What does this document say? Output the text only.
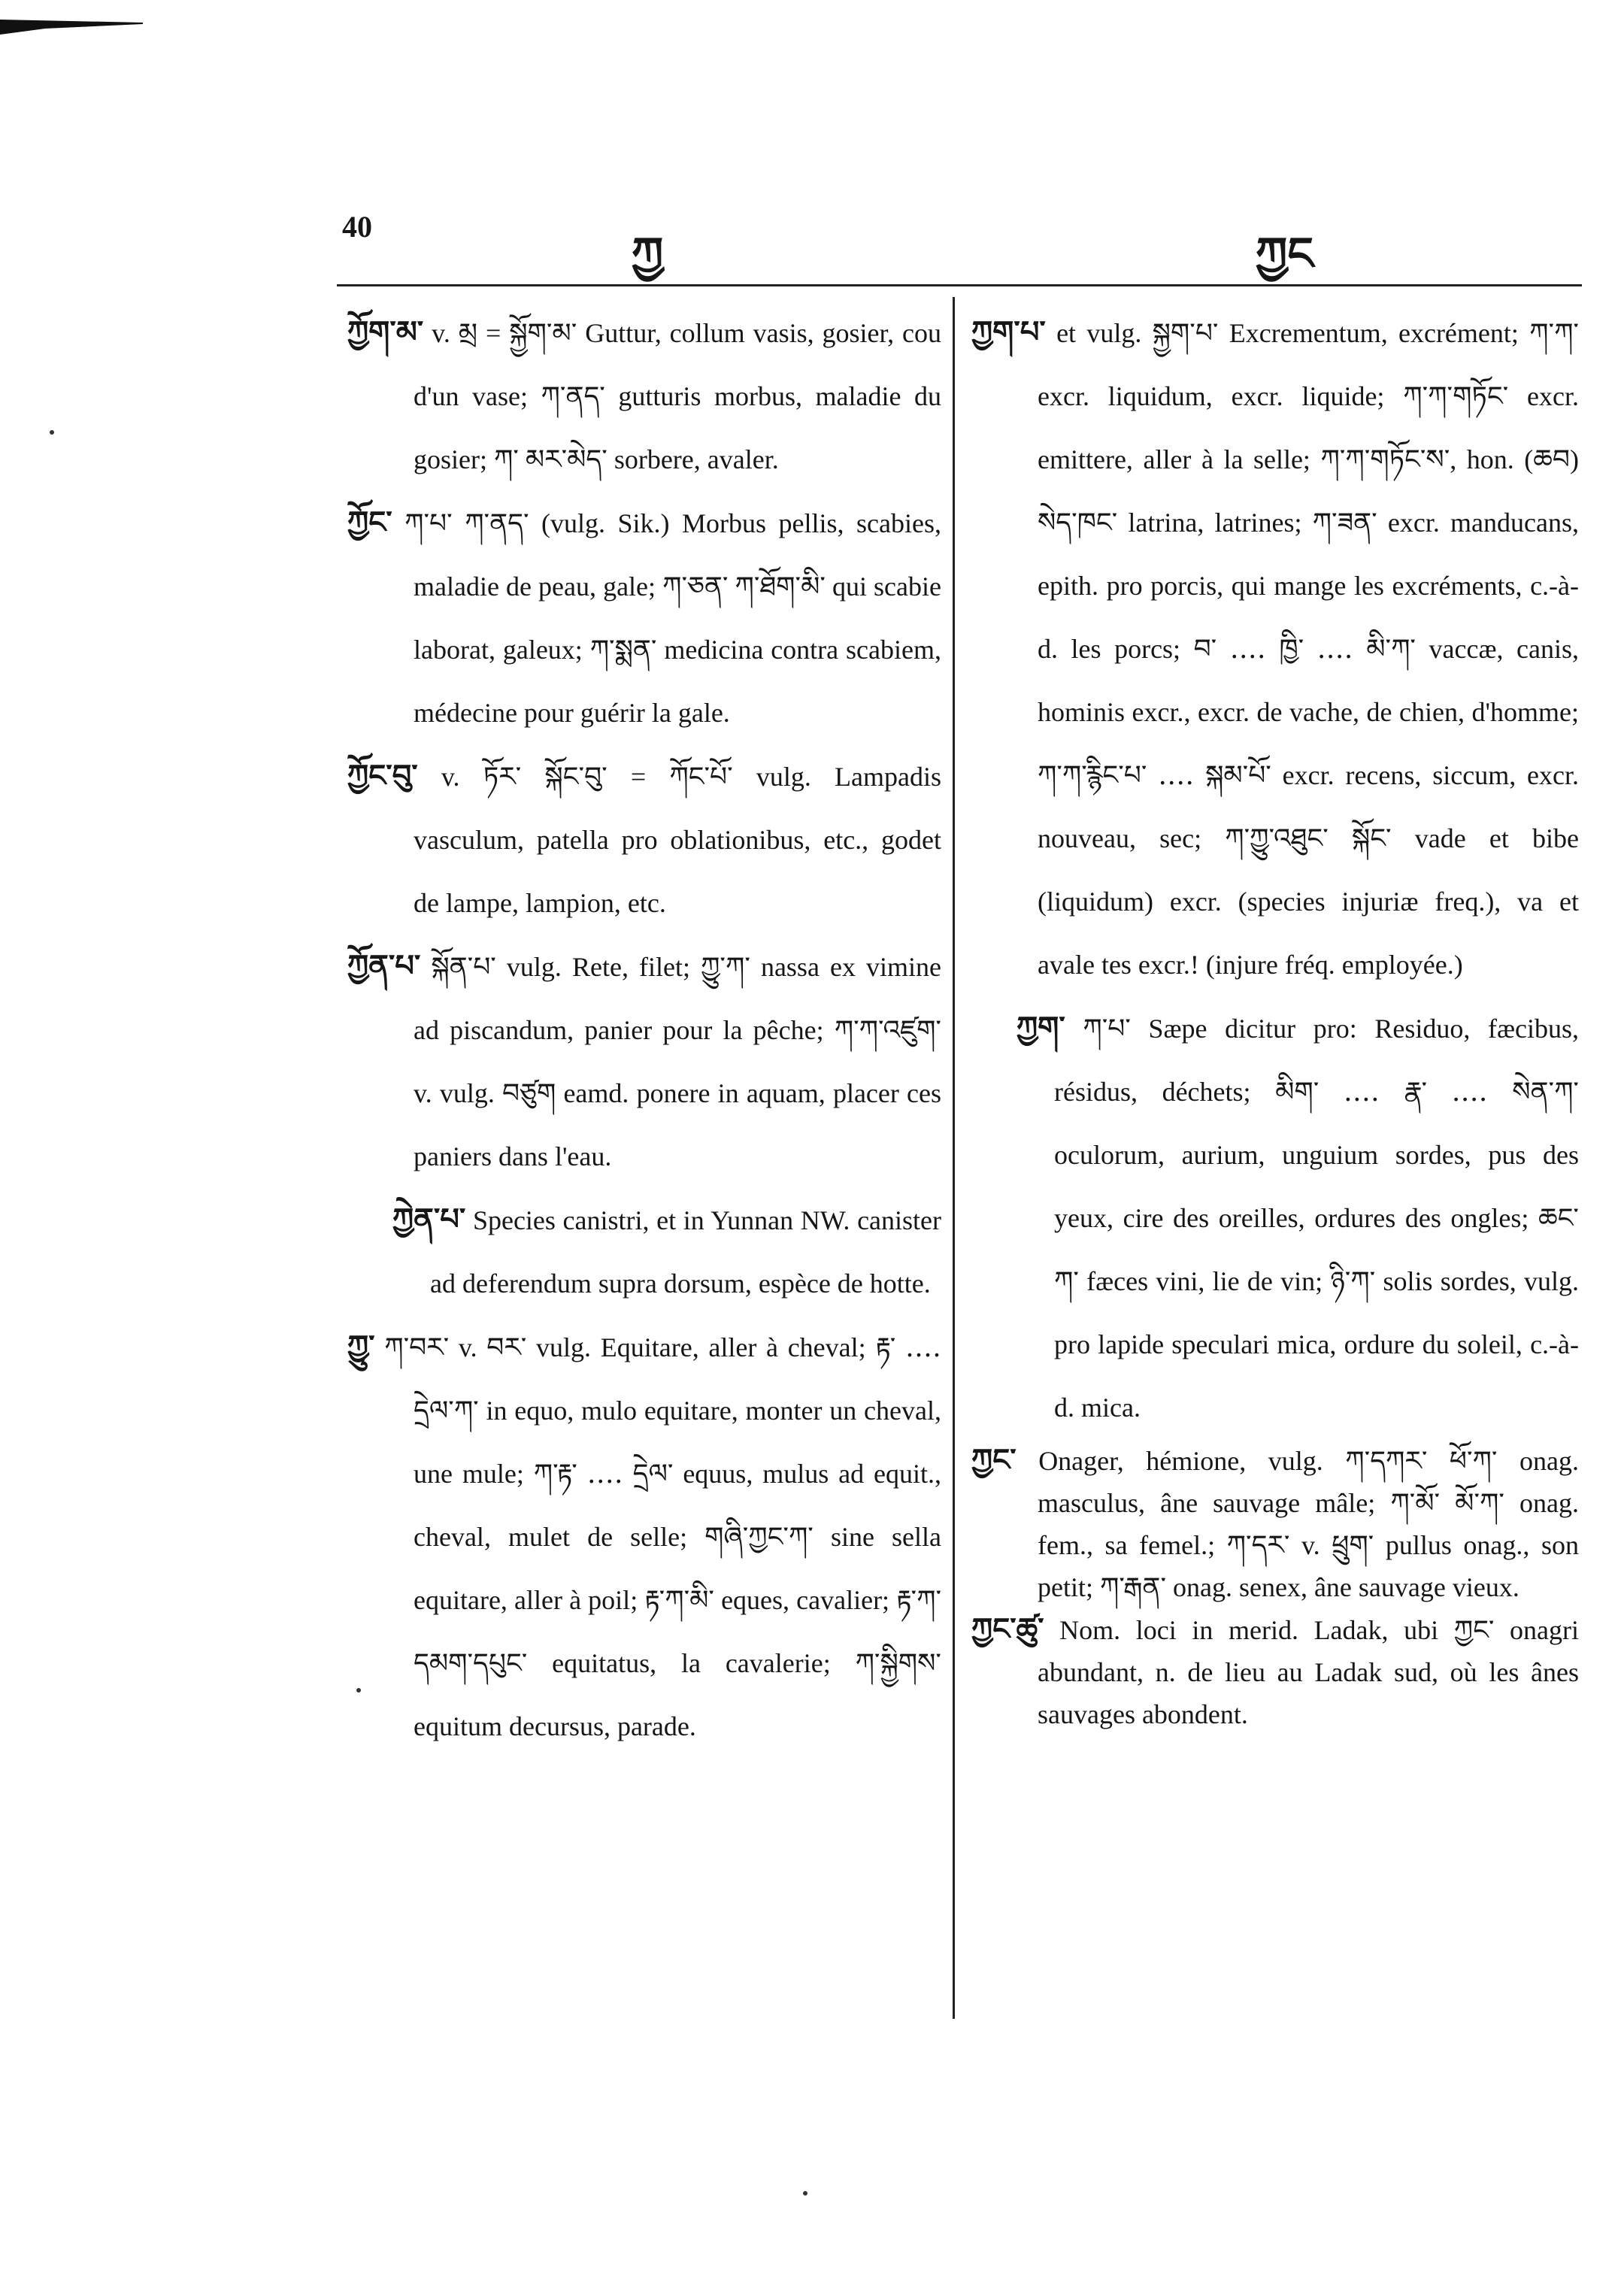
40
ཀྱ	ཀྱང

ཀྱོག་མ་ v. མྲ = སྐྱོག་མ་ Guttur, collum vasis, gosier, cou d'un vase; ཀ་ནད་ gutturis morbus, maladie du gosier; ཀ་ མར་མེད་ sorbere, avaler.

ཀྱོང་ ཀ་པ་ ཀ་ནད་ (vulg. Sik.) Morbus pellis, scabies, maladie de peau, gale; ཀ་ཅན་ ཀ་ཐོག་མི་ qui scabie laborat, galeux; ཀ་སྨན་ medicina contra scabiem, médecine pour guérir la gale.

ཀྱོང་བུ་ v. ཏོར་ སྐོང་བུ་ = ཀོང་པོ་ vulg. Lampadis vasculum, patella pro oblationibus, etc., godet de lampe, lampion, etc.

ཀྱོན་པ་ སྐོན་པ་ vulg. Rete, filet; ཀྱུ་ཀ་ nassa ex vimine ad piscandum, panier pour la pêche; ཀ་ཀ་འཛུག་ v. vulg. བཙུག eamd. ponere in aquam, placer ces paniers dans l'eau.

ཀྱེན་པ་ Species canistri, et in Yunnan NW. canister ad deferendum supra dorsum, espèce de hotte.

ཀྱུ་ ཀ་བར་ v. བར་ vulg. Equitare, aller à cheval; རྟ་ ‥‥ དྲེལ་ཀ་ in equo, mulo equitare, monter un cheval, une mule; ཀ་རྟ་ ‥‥ དྲེལ་ equus, mulus ad equit., cheval, mulet de selle; གཞི་ཀྱང་ཀ་ sine sella equitare, aller à poil; རྟ་ཀ་མི་ eques, cavalier; རྟ་ཀ་དམག་དཔུང་ equitatus, la cavalerie; ཀ་སྐྱིགས་ equitum decursus, parade.

ཀྱག་པ་ et vulg. སྐྱག་པ་ Excrementum, excrément; ཀ་ཀ་ excr. liquidum, excr. liquide; ཀ་ཀ་གཏོང་ excr. emittere, aller à la selle; ཀ་ཀ་གཏོང་ས་, hon. (ཆབ) སེད་ཁང་ latrina, latrines; ཀ་ཟན་ excr. manducans, epith. pro porcis, qui mange les excréments, c.-à-d. les porcs; བ་ ‥‥ ཁྱི་ ‥‥ མི་ཀ་ vaccæ, canis, hominis excr., excr. de vache, de chien, d'homme; ཀ་ཀ་རྙིང་པ་ ‥‥ སྐམ་པོ་ excr. recens, siccum, excr. nouveau, sec; ཀ་ཀྱུ་འཐུང་ སྐོང་ vade et bibe (liquidum) excr. (species injuriæ freq.), va et avale tes excr.! (injure fréq. employée.)

ཀྱག་ ཀ་པ་ Sæpe dicitur pro: Residuo, fæcibus, résidus, déchets; མིག་ ‥‥ རྣ་ ‥‥ སེན་ཀ་ oculorum, aurium, unguium sordes, pus des yeux, cire des oreilles, ordures des ongles; ཆང་ཀ་ fæces vini, lie de vin; ཉི་ཀ་ solis sordes, vulg. pro lapide speculari mica, ordure du soleil, c.-à-d. mica.

ཀྱང་ Onager, hémione, vulg. ཀ་དཀར་ ཕོ་ཀ་ onag. masculus, âne sauvage mâle; ཀ་མོ་ མོ་ཀ་ onag. fem., sa femel.; ཀ་དར་ v. ཕྲུག་ pullus onag., son petit; ཀ་རྒན་ onag. senex, âne sauvage vieux.

ཀྱང་ཚུ་ Nom. loci in merid. Ladak, ubi ཀྱང་ onagri abundant, n. de lieu au Ladak sud, où les ânes sauvages abondent.
